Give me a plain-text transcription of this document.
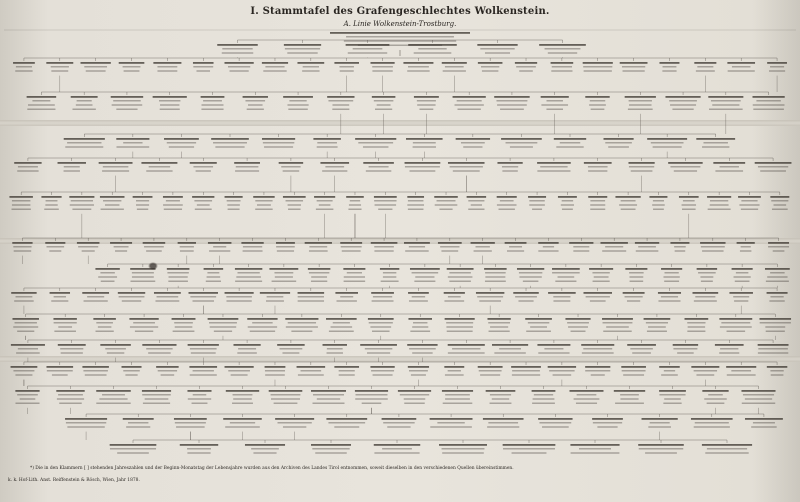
I. Stammtafel des Grafengeschlechtes Wolkenstein.
A. Linie Wolkenstein-Trostburg.
*) Die in den Klammern [ ] stehenden Jahreszahlen und der Beginn-Monatstag der Lebensjahre wurden aus den Archiven des Landes Tirol entnommen, soweit dieselben in den verschiedenen Quellen übereinstimmen.
k. k. Hof-Lith. Anst. Reiffenstein & Rösch, Wien, Jahr 1878.
